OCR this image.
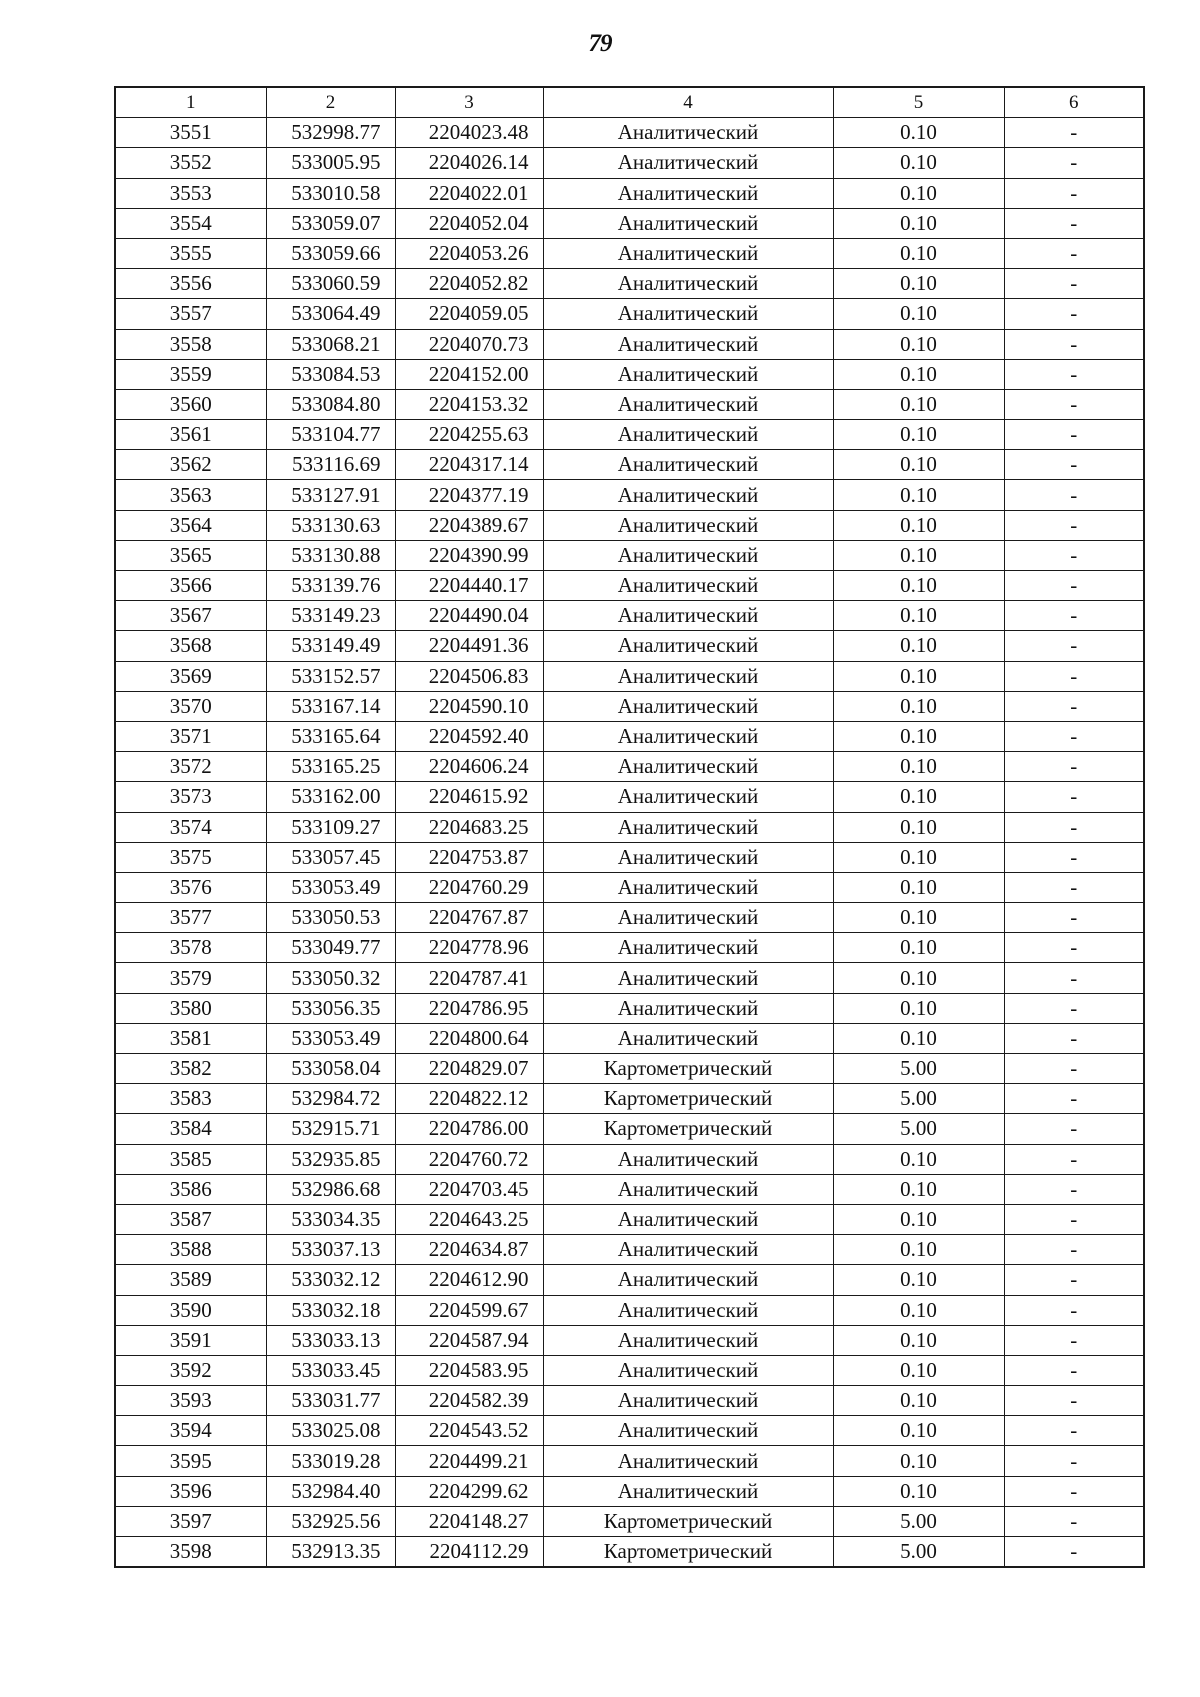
79
1	2	3	4	5	6
3551	532998.77	2204023.48	Аналитический	0.10	-
3552	533005.95	2204026.14	Аналитический	0.10	-
3553	533010.58	2204022.01	Аналитический	0.10	-
3554	533059.07	2204052.04	Аналитический	0.10	-
3555	533059.66	2204053.26	Аналитический	0.10	-
3556	533060.59	2204052.82	Аналитический	0.10	-
3557	533064.49	2204059.05	Аналитический	0.10	-
3558	533068.21	2204070.73	Аналитический	0.10	-
3559	533084.53	2204152.00	Аналитический	0.10	-
3560	533084.80	2204153.32	Аналитический	0.10	-
3561	533104.77	2204255.63	Аналитический	0.10	-
3562	533116.69	2204317.14	Аналитический	0.10	-
3563	533127.91	2204377.19	Аналитический	0.10	-
3564	533130.63	2204389.67	Аналитический	0.10	-
3565	533130.88	2204390.99	Аналитический	0.10	-
3566	533139.76	2204440.17	Аналитический	0.10	-
3567	533149.23	2204490.04	Аналитический	0.10	-
3568	533149.49	2204491.36	Аналитический	0.10	-
3569	533152.57	2204506.83	Аналитический	0.10	-
3570	533167.14	2204590.10	Аналитический	0.10	-
3571	533165.64	2204592.40	Аналитический	0.10	-
3572	533165.25	2204606.24	Аналитический	0.10	-
3573	533162.00	2204615.92	Аналитический	0.10	-
3574	533109.27	2204683.25	Аналитический	0.10	-
3575	533057.45	2204753.87	Аналитический	0.10	-
3576	533053.49	2204760.29	Аналитический	0.10	-
3577	533050.53	2204767.87	Аналитический	0.10	-
3578	533049.77	2204778.96	Аналитический	0.10	-
3579	533050.32	2204787.41	Аналитический	0.10	-
3580	533056.35	2204786.95	Аналитический	0.10	-
3581	533053.49	2204800.64	Аналитический	0.10	-
3582	533058.04	2204829.07	Картометрический	5.00	-
3583	532984.72	2204822.12	Картометрический	5.00	-
3584	532915.71	2204786.00	Картометрический	5.00	-
3585	532935.85	2204760.72	Аналитический	0.10	-
3586	532986.68	2204703.45	Аналитический	0.10	-
3587	533034.35	2204643.25	Аналитический	0.10	-
3588	533037.13	2204634.87	Аналитический	0.10	-
3589	533032.12	2204612.90	Аналитический	0.10	-
3590	533032.18	2204599.67	Аналитический	0.10	-
3591	533033.13	2204587.94	Аналитический	0.10	-
3592	533033.45	2204583.95	Аналитический	0.10	-
3593	533031.77	2204582.39	Аналитический	0.10	-
3594	533025.08	2204543.52	Аналитический	0.10	-
3595	533019.28	2204499.21	Аналитический	0.10	-
3596	532984.40	2204299.62	Аналитический	0.10	-
3597	532925.56	2204148.27	Картометрический	5.00	-
3598	532913.35	2204112.29	Картометрический	5.00	-
